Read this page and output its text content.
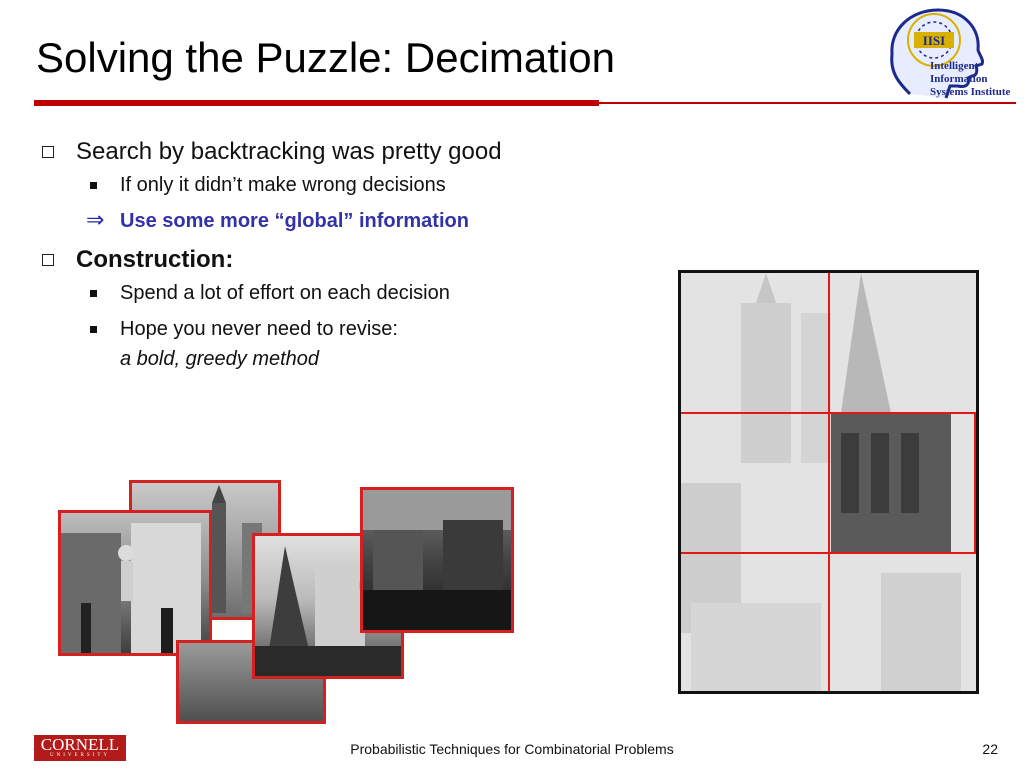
Solving the Puzzle: Decimation	IISI
Intelligent Information
Systems Institute

Search by backtracking was pretty good

If only it didn’t make wrong decisions

⇒ Use some more “global” information

Construction:

Spend a lot of effort on each decision

Hope you never need to revise:
a bold, greedy method

CORNELL
UNIVERSITY	Probabilistic Techniques for Combinatorial Problems	22
